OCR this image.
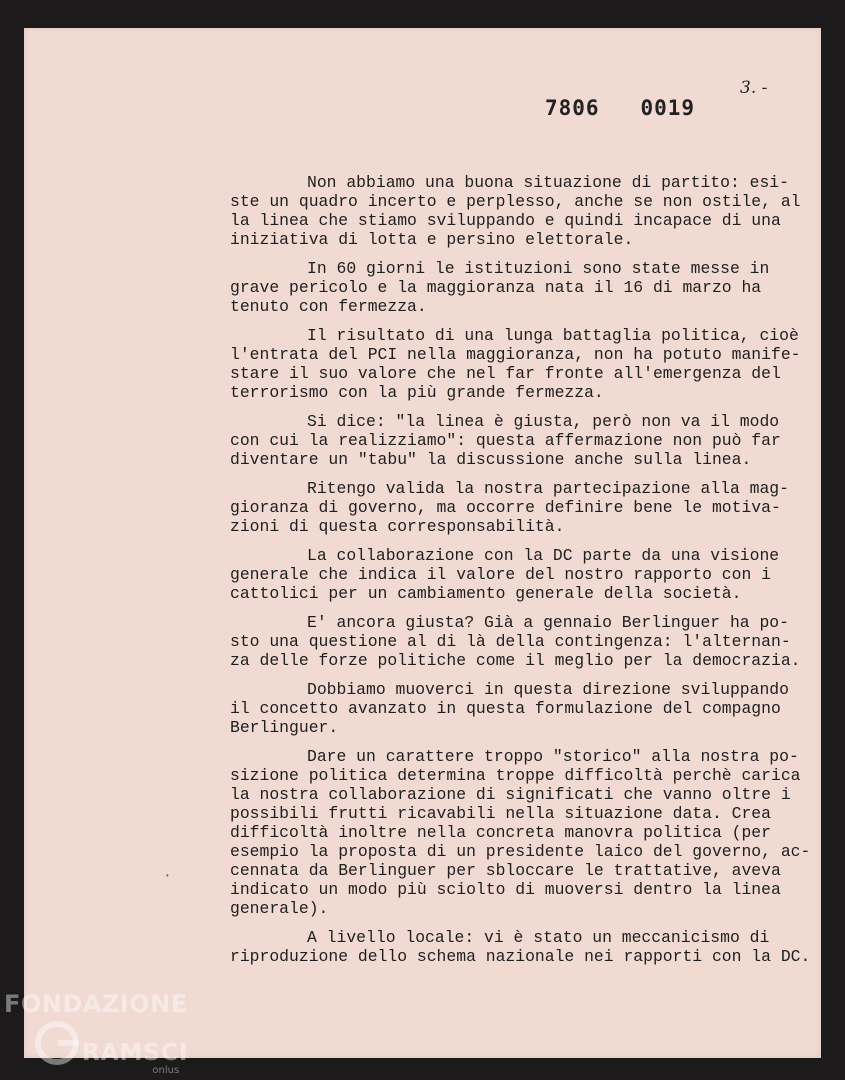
3. -
7806   0019
Non abbiamo una buona situazione di partito: esi-
ste un quadro incerto e perplesso, anche se non ostile, al
la linea che stiamo sviluppando e quindi incapace di una
iniziativa di lotta e persino elettorale.
In 60 giorni le istituzioni sono state messe in
grave pericolo e la maggioranza nata il 16 di marzo ha
tenuto con fermezza.
Il risultato di una lunga battaglia politica, cioè
l'entrata del PCI nella maggioranza, non ha potuto manife-
stare il suo valore che nel far fronte all'emergenza del
terrorismo con la più grande fermezza.
Si dice: "la linea è giusta, però non va il modo
con cui la realizziamo": questa affermazione non può far
diventare un "tabu" la discussione anche sulla linea.
Ritengo valida la nostra partecipazione alla mag-
gioranza di governo, ma occorre definire bene le motiva-
zioni di questa corresponsabilità.
La collaborazione con la DC parte da una visione
generale che indica il valore del nostro rapporto con i
cattolici per un cambiamento generale della società.
E' ancora giusta? Già a gennaio Berlinguer ha po-
sto una questione al di là della contingenza: l'alternan-
za delle forze politiche come il meglio per la democrazia.
Dobbiamo muoverci in questa direzione sviluppando
il concetto avanzato in questa formulazione del compagno
Berlinguer.
Dare un carattere troppo "storico" alla nostra po-
sizione politica determina troppe difficoltà perchè carica
la nostra collaborazione di significati che vanno oltre i
possibili frutti ricavabili nella situazione data. Crea
difficoltà inoltre nella concreta manovra politica (per
esempio la proposta di un presidente laico del governo, ac-
cennata da Berlinguer per sbloccare le trattative, aveva
indicato un modo più sciolto di muoversi dentro la linea
generale).
A livello locale: vi è stato un meccanicismo di
riproduzione dello schema nazionale nei rapporti con la DC.
•
FONDAZIONE
RAMSCI
onlus
